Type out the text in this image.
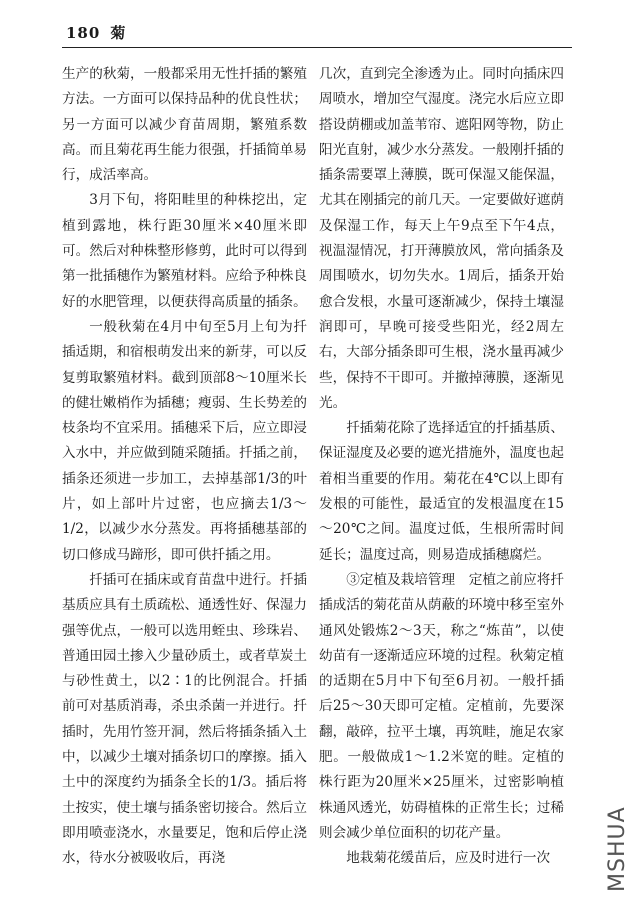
180 菊

生产的秋菊，一般都采用无性扦插的繁殖方法。一方面可以保持品种的优良性状；另一方面可以减少育苗周期，繁殖系数高。而且菊花再生能力很强，扦插简单易行，成活率高。

3月下旬，将阳畦里的种株挖出，定植到露地，株行距30厘米×40厘米即可。然后对种株整形修剪，此时可以得到第一批插穗作为繁殖材料。应给予种株良好的水肥管理，以便获得高质量的插条。

一般秋菊在4月中旬至5月上旬为扦插适期，和宿根萌发出来的新芽，可以反复剪取繁殖材料。截到顶部8～10厘米长的健壮嫩梢作为插穗；瘦弱、生长势差的枝条均不宜采用。插穗采下后，应立即浸入水中，并应做到随采随插。扦插之前，插条还须进一步加工，去掉基部1/3的叶片，如上部叶片过密，也应摘去1/3～1/2，以减少水分蒸发。再将插穗基部的切口修成马蹄形，即可供扦插之用。

扦插可在插床或育苗盘中进行。扦插基质应具有土质疏松、通透性好、保湿力强等优点，一般可以选用蛭虫、珍珠岩、普通田园土掺入少量砂质土，或者草炭土与砂性黄土，以2∶1的比例混合。扦插前可对基质消毒，杀虫杀菌一并进行。扦插时，先用竹签开洞，然后将插条插入土中，以减少土壤对插条切口的摩擦。插入土中的深度约为插条全长的1/3。插后将土按实，使土壤与插条密切接合。然后立即用喷壶浇水，水量要足，饱和后停止浇水，待水分被吸收后，再浇

几次，直到完全渗透为止。同时向插床四周喷水，增加空气湿度。浇完水后应立即搭设荫棚或加盖苇帘、遮阳网等物，防止阳光直射，减少水分蒸发。一般刚扦插的插条需要罩上薄膜，既可保湿又能保温，尤其在刚插完的前几天。一定要做好遮荫及保湿工作，每天上午9点至下午4点，视温湿情况，打开薄膜放风，常向插条及周围喷水，切勿失水。1周后，插条开始愈合发根，水量可逐渐减少，保持土壤湿润即可，早晚可接受些阳光，经2周左右，大部分插条即可生根，浇水量再减少些，保持不干即可。并撤掉薄膜，逐渐见光。

扦插菊花除了选择适宜的扦插基质、保证湿度及必要的遮光措施外，温度也起着相当重要的作用。菊花在4℃以上即有发根的可能性，最适宜的发根温度在15～20℃之间。温度过低，生根所需时间延长；温度过高，则易造成插穗腐烂。

③定植及栽培管理　定植之前应将扦插成活的菊花苗从荫蔽的环境中移至室外通风处锻炼2～3天，称之“炼苗”，以使幼苗有一逐渐适应环境的过程。秋菊定植的适期在5月中下旬至6月初。一般扦插后25～30天即可定植。定植前，先要深翻，敲碎，拉平土壤，再筑畦，施足农家肥。一般做成1～1.2米宽的畦。定植的株行距为20厘米×25厘米，过密影响植株通风透光，妨碍植株的正常生长；过稀则会减少单位面积的切花产量。

地栽菊花缓苗后，应及时进行一次	MSHUA
